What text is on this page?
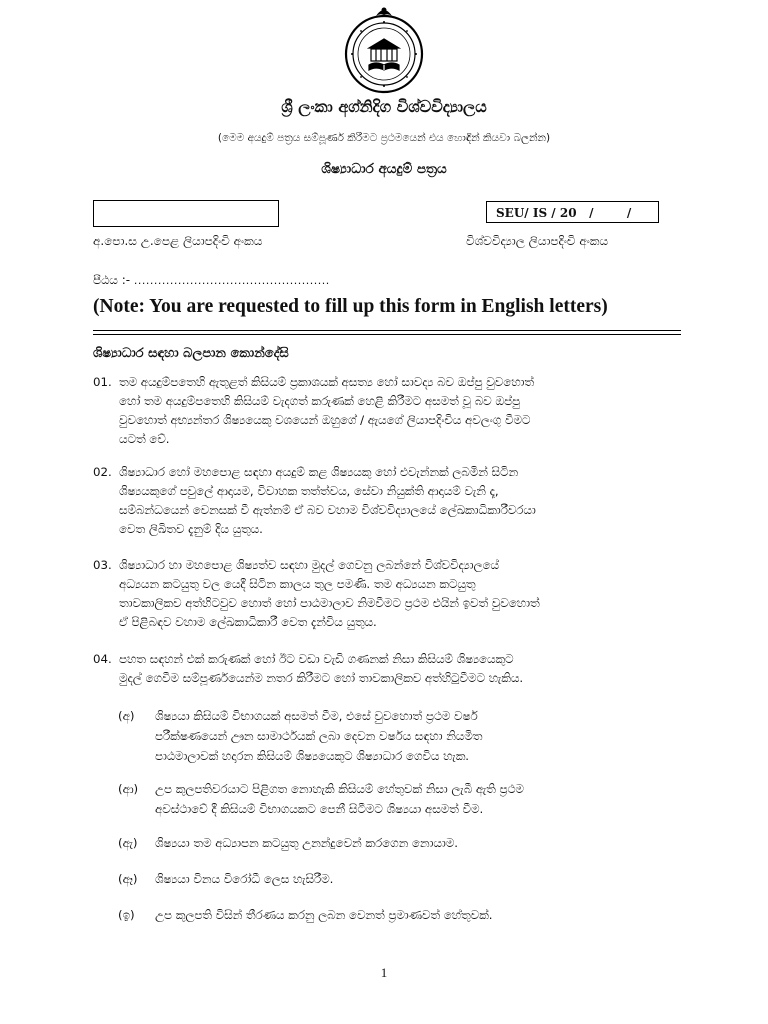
ශ්‍රී ලංකා අග්නිදිග විශ්වවිද්‍යාලය
(මෙම අයදුම් පත්‍රය සම්පූර්ණ කිරීමට ප්‍රථමයෙන් එය හොඳින් කියවා බලන්න)
ශිෂ්‍යාධාර අයදුම් පත්‍රය
SEU/ IS / 20   /        /
අ.පො.ස උ.පෙළ ලියාපදිංචි අංකය	විශ්වවිද්‍යාල ලියාපදිංචි අංකය
පීඨය :- .................................................
(Note: You are requested to fill up this form in English letters)
ශිෂ්‍යාධාර සඳහා බලපාන කොන්දේසි
01. තම අයදුම්පතෙහි ඇතුළත් කිසියම් ප්‍රකාශයක් අසත්‍ය හෝ සාවද්‍ය බව ඔප්පු වුවහොත්
හෝ තම අයදුම්පතෙහි කිසියම් වැදගත් කරුණක් හෙළි කිරීමට අසමත් වූ බව ඔප්පු
වුවහොත් අභ්‍යන්තර ශිෂ්‍යයෙකු වශයෙන් ඔහුගේ / ඇයගේ ලියාපදිංචිය අවලංගු වීමට
යටත් වේ.
02. ශිෂ්‍යාධාර හෝ මහපොළ සඳහා අයදුම් කළ ශිෂ්‍යයකු හෝ එවැන්නක් ලබමින් සිටින
ශිෂ්‍යයකුගේ පවුලේ ආදායම, විවාහක තත්ත්වය, සේවා නියුක්ති ආදායම් වැනි දෑ,
සම්බන්ධයෙන් වෙනසක් වී ඇත්නම් ඒ බව වහාම විශ්වවිද්‍යාලයේ ලේඛකාධිකාරීවරයා
වෙත ලිඛිතව දැනුම් දිය යුතුය.
03. ශිෂ්‍යාධාර හා මහපොළ ශිෂ්‍යත්ව සඳහා මුදල් ගෙවනු ලබන්නේ විශ්වවිද්‍යාලයේ
අධ්‍යයන කටයුතු වල යෙදී සිටින කාලය තුල පමණි. තම අධ්‍යයන කටයුතු
තාවකාලිකව අත්හිටවුව හොත් හෝ පාඨමාලාව නිමවීමට ප්‍රථම එයින් ඉවත් වුවහොත්
ඒ පිළිබඳව වහාම ලේඛකාධිකාරී වෙත දැන්විය යුතුය.
04. පහත සඳහන් එක් කරුණක් හෝ ඊට වඩා වැඩි ගණනක් නිසා කිසියම් ශිෂ්‍යයෙකුට
මුදල් ගෙවීම සම්පූර්ණයෙන්ම නතර කිරීමට හෝ තාවකාලිකව අත්හිටුවීමට හැකිය.
(අ)	ශිෂ්‍යයා කිසියම් විභාගයක් අසමත් වීම, එසේ වුවහොත් ප්‍රථම වර්ෂ
පරීක්ෂණයෙන් ඌන සාමාර්ථයක් ලබා දෙවන වර්ෂය සඳහා නියමිත
පාඨමාලාවක් හදාරන කිසියම් ශිෂ්‍යයෙකුට ශිෂ්‍යාධාර ගෙවිය හැක.
(ආ)	උප කුලපතිවරයාට පිළිගත නොහැකි කිසියම් හේතුවක් නිසා ලැබී ඇති ප්‍රථම
අවස්ථාවේ දී කිසියම් විභාගයකට පෙනී සිටීමට ශිෂ්‍යයා අසමත් වීම.
(ඇ)	ශිෂ්‍යයා තම අධ්‍යාපන කටයුතු උනන්දුවෙන් කරගෙන නොයාම.
(ඈ)	ශිෂ්‍යයා විනය විරෝධී ලෙස හැසිරීම.
(ඉ)	උප කුලපති විසින් තීරණය කරනු ලබන වෙනත් ප්‍රමාණවත් හේතුවක්.
1
